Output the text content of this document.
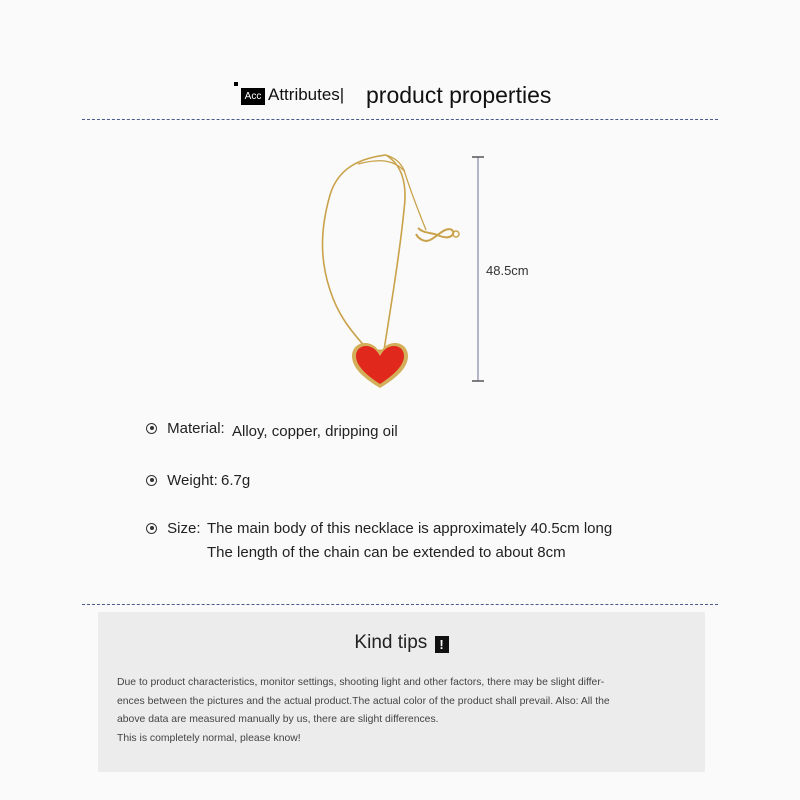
Acc Attributes| product properties
48.5cm
Material: Alloy, copper, dripping oil
Weight: 6.7g
Size: The main body of this necklace is approximately 40.5cm long
The length of the chain can be extended to about 8cm
Kind tips !

Due to product characteristics, monitor settings, shooting light and other factors, there may be slight differ-

ences between the pictures and the actual product.The actual color of the product shall prevail. Also: All the

above data are measured manually by us, there are slight differences.

This is completely normal, please know!
